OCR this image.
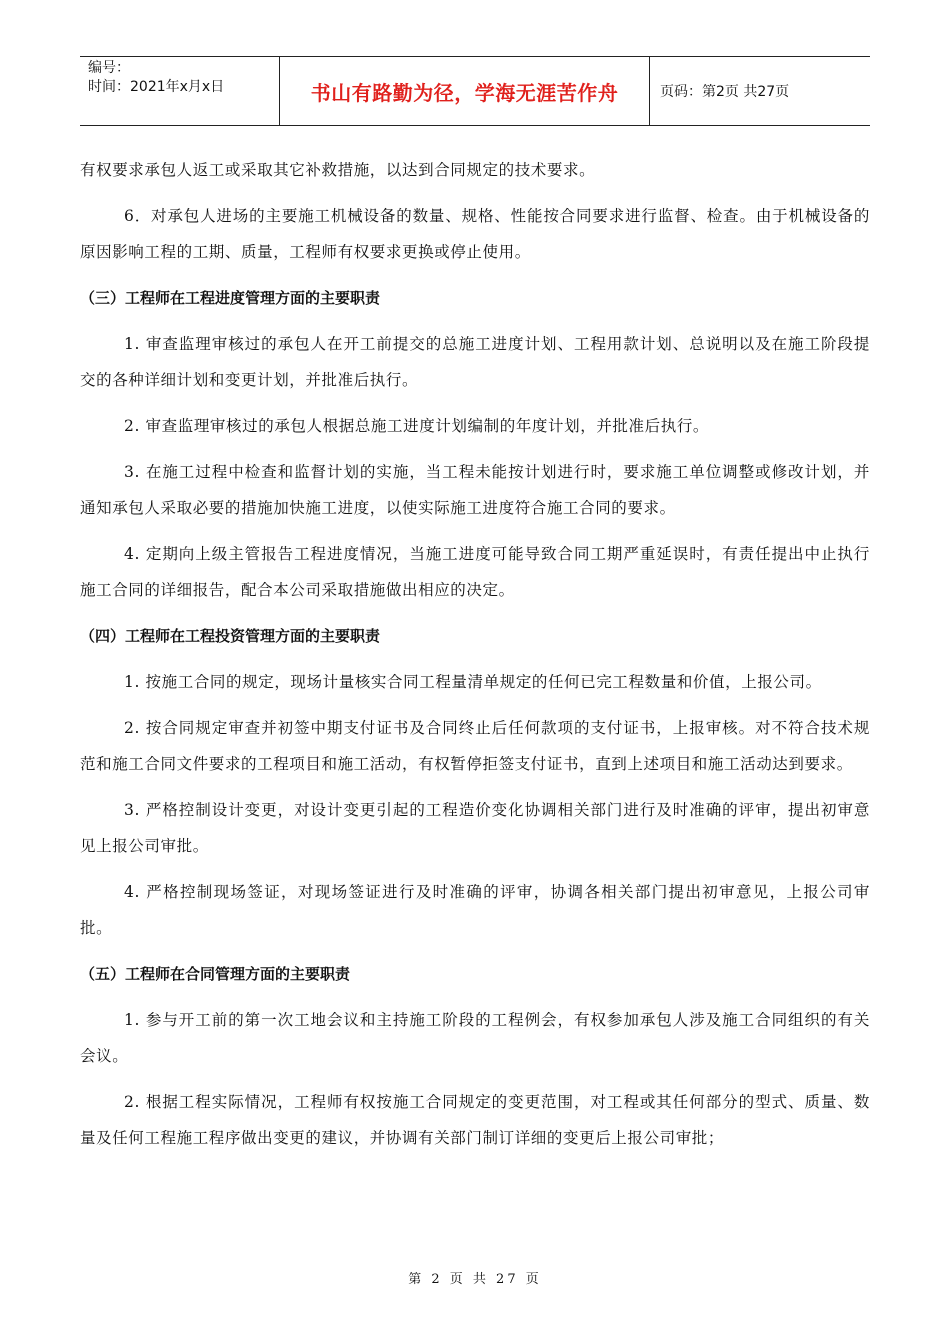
编号：
时间：2021年x月x日	书山有路勤为径，学海无涯苦作舟	页码：第2页 共27页

有权要求承包人返工或采取其它补救措施，以达到合同规定的技术要求。

6．对承包人进场的主要施工机械设备的数量、规格、性能按合同要求进行监督、检查。由于机械设备的原因影响工程的工期、质量，工程师有权要求更换或停止使用。

（三）工程师在工程进度管理方面的主要职责

1. 审查监理审核过的承包人在开工前提交的总施工进度计划、工程用款计划、总说明以及在施工阶段提交的各种详细计划和变更计划，并批准后执行。

2. 审查监理审核过的承包人根据总施工进度计划编制的年度计划，并批准后执行。

3. 在施工过程中检查和监督计划的实施，当工程未能按计划进行时，要求施工单位调整或修改计划，并通知承包人采取必要的措施加快施工进度，以使实际施工进度符合施工合同的要求。

4. 定期向上级主管报告工程进度情况，当施工进度可能导致合同工期严重延误时，有责任提出中止执行施工合同的详细报告，配合本公司采取措施做出相应的决定。

（四）工程师在工程投资管理方面的主要职责

1. 按施工合同的规定，现场计量核实合同工程量清单规定的任何已完工程数量和价值，上报公司。

2. 按合同规定审查并初签中期支付证书及合同终止后任何款项的支付证书，上报审核。对不符合技术规范和施工合同文件要求的工程项目和施工活动，有权暂停拒签支付证书，直到上述项目和施工活动达到要求。

3. 严格控制设计变更，对设计变更引起的工程造价变化协调相关部门进行及时准确的评审，提出初审意见上报公司审批。

4. 严格控制现场签证，对现场签证进行及时准确的评审，协调各相关部门提出初审意见，上报公司审批。

（五）工程师在合同管理方面的主要职责

1. 参与开工前的第一次工地会议和主持施工阶段的工程例会，有权参加承包人涉及施工合同组织的有关会议。

2. 根据工程实际情况，工程师有权按施工合同规定的变更范围，对工程或其任何部分的型式、质量、数量及任何工程施工程序做出变更的建议，并协调有关部门制订详细的变更后上报公司审批；

第 2 页 共 27 页
